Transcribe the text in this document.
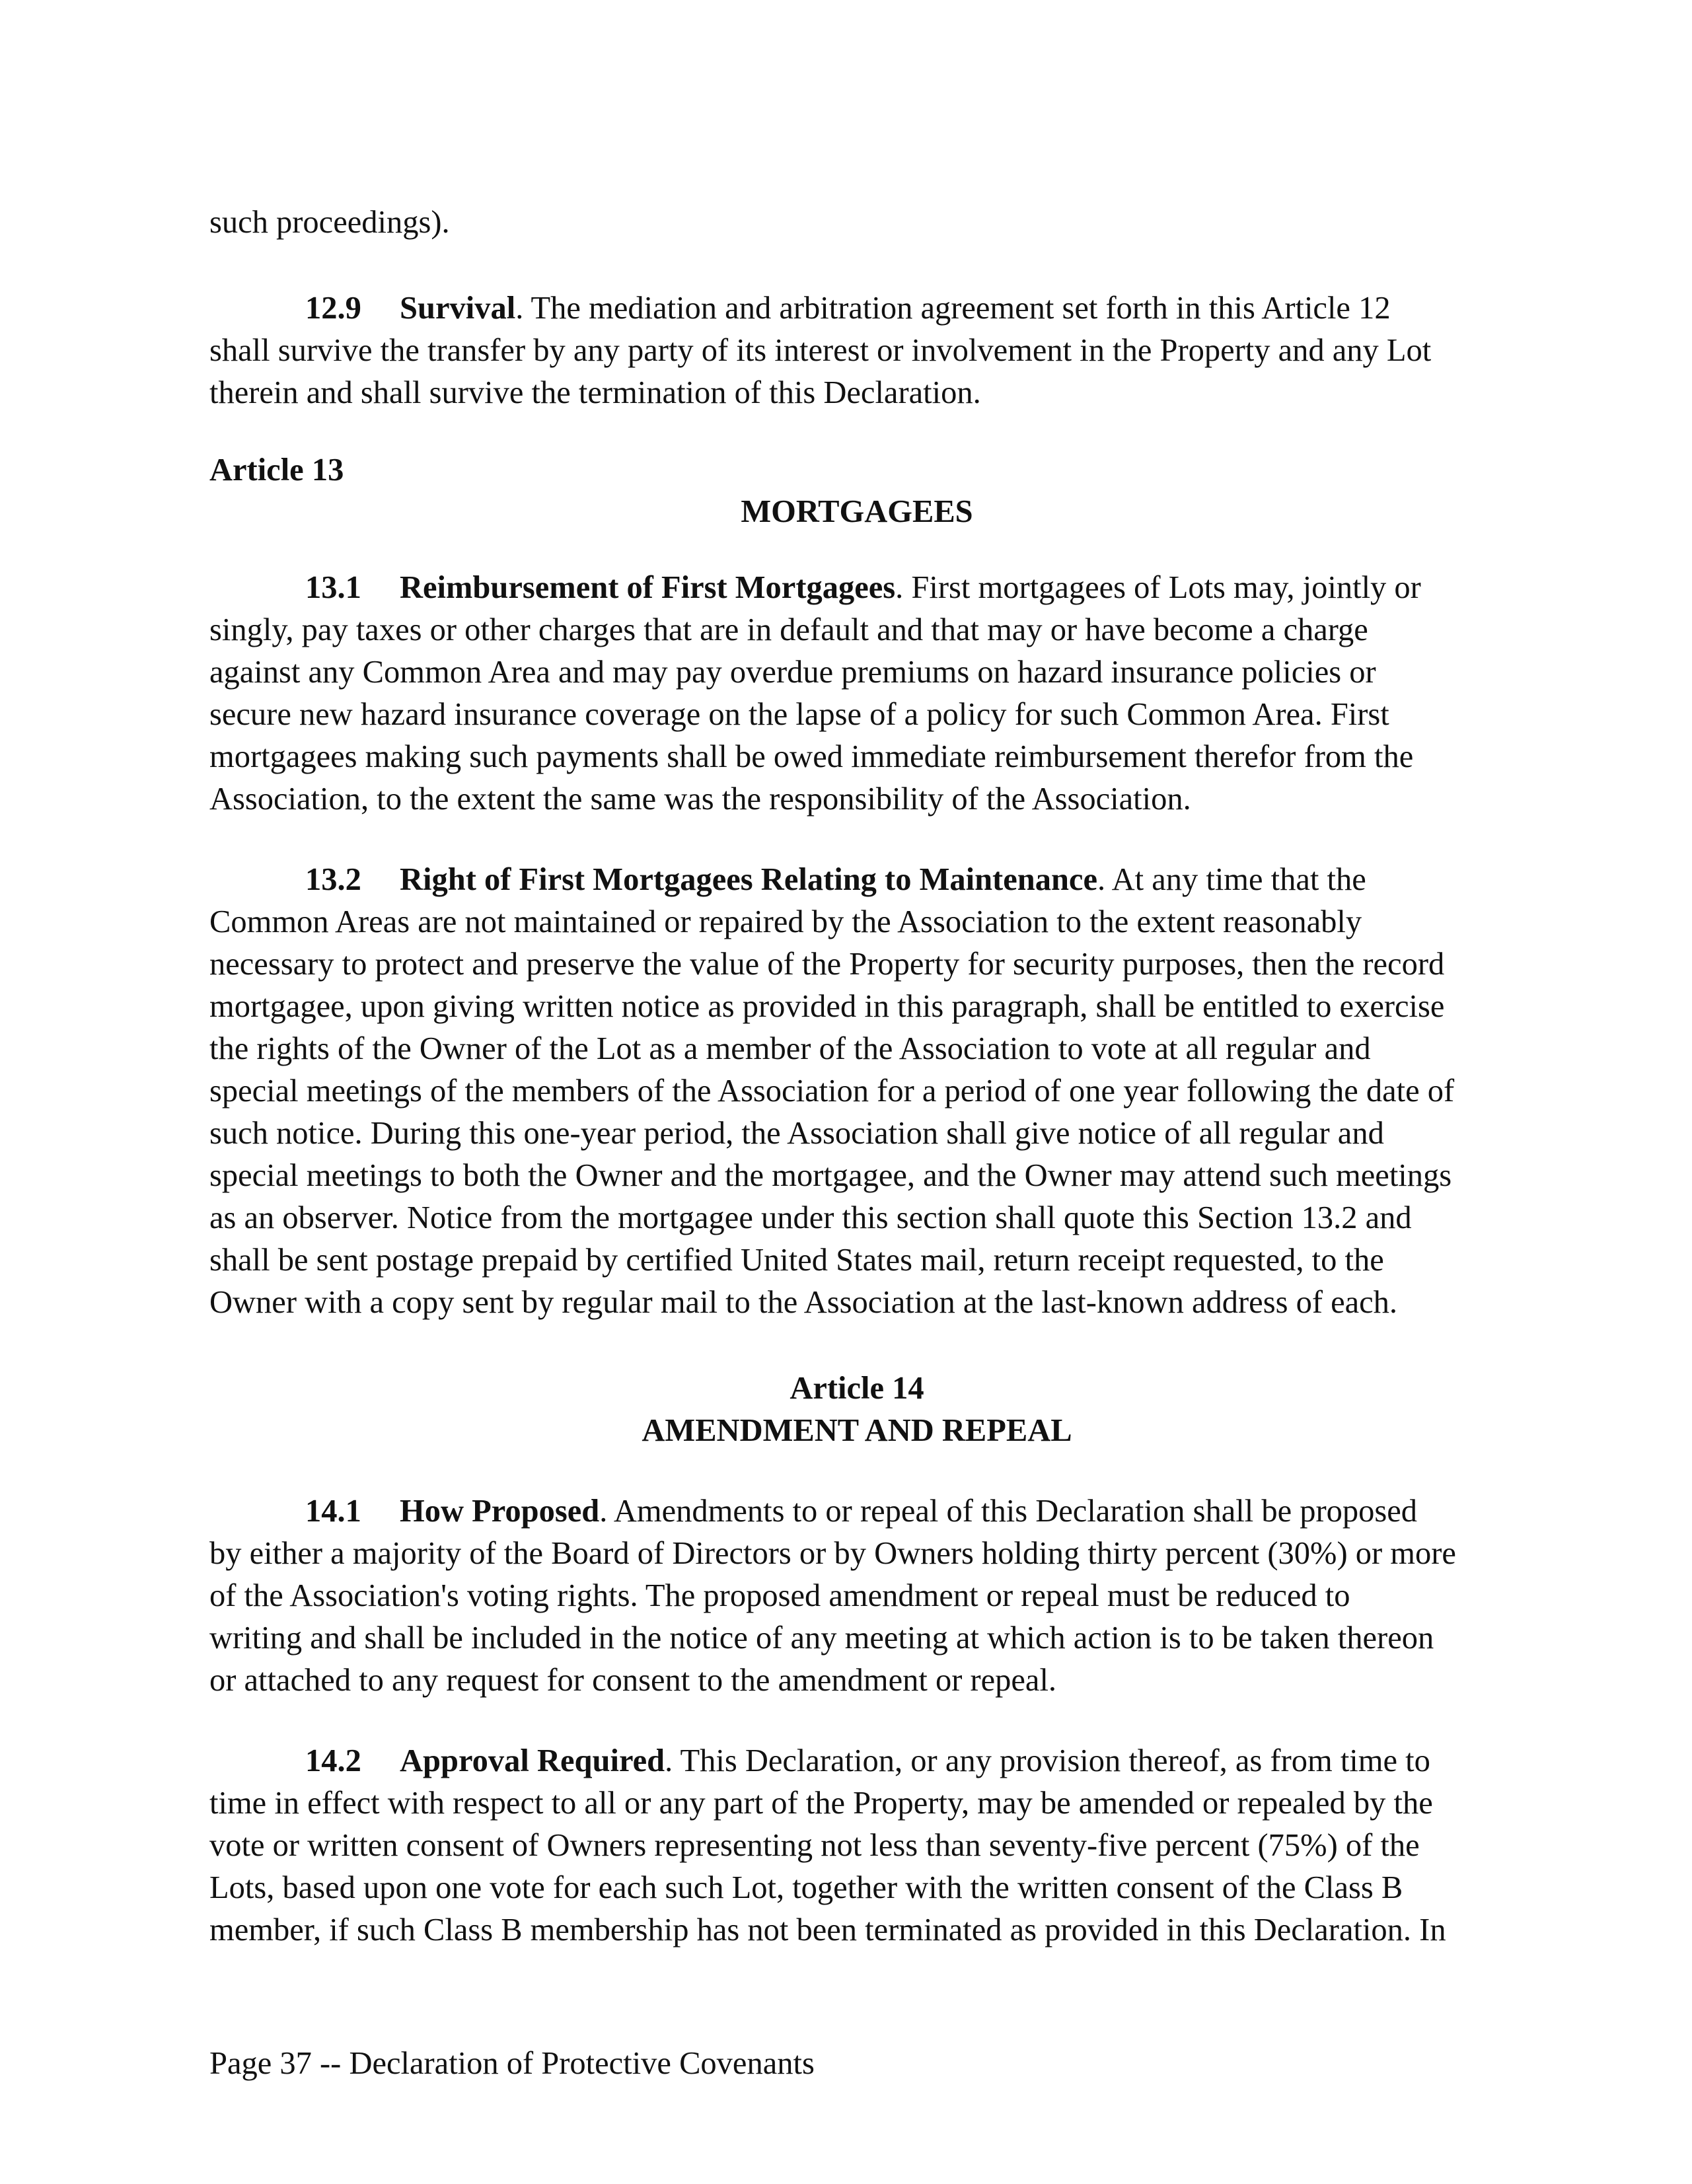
such proceedings).
12.9 Survival. The mediation and arbitration agreement set forth in this Article 12
shall survive the transfer by any party of its interest or involvement in the Property and any Lot
therein and shall survive the termination of this Declaration.
Article 13
MORTGAGEES
13.1 Reimbursement of First Mortgagees. First mortgagees of Lots may, jointly or
singly, pay taxes or other charges that are in default and that may or have become a charge
against any Common Area and may pay overdue premiums on hazard insurance policies or
secure new hazard insurance coverage on the lapse of a policy for such Common Area. First
mortgagees making such payments shall be owed immediate reimbursement therefor from the
Association, to the extent the same was the responsibility of the Association.
13.2 Right of First Mortgagees Relating to Maintenance. At any time that the
Common Areas are not maintained or repaired by the Association to the extent reasonably
necessary to protect and preserve the value of the Property for security purposes, then the record
mortgagee, upon giving written notice as provided in this paragraph, shall be entitled to exercise
the rights of the Owner of the Lot as a member of the Association to vote at all regular and
special meetings of the members of the Association for a period of one year following the date of
such notice. During this one-year period, the Association shall give notice of all regular and
special meetings to both the Owner and the mortgagee, and the Owner may attend such meetings
as an observer. Notice from the mortgagee under this section shall quote this Section 13.2 and
shall be sent postage prepaid by certified United States mail, return receipt requested, to the
Owner with a copy sent by regular mail to the Association at the last-known address of each.
Article 14
AMENDMENT AND REPEAL
14.1 How Proposed. Amendments to or repeal of this Declaration shall be proposed
by either a majority of the Board of Directors or by Owners holding thirty percent (30%) or more
of the Association's voting rights. The proposed amendment or repeal must be reduced to
writing and shall be included in the notice of any meeting at which action is to be taken thereon
or attached to any request for consent to the amendment or repeal.
14.2 Approval Required. This Declaration, or any provision thereof, as from time to
time in effect with respect to all or any part of the Property, may be amended or repealed by the
vote or written consent of Owners representing not less than seventy-five percent (75%) of the
Lots, based upon one vote for each such Lot, together with the written consent of the Class B
member, if such Class B membership has not been terminated as provided in this Declaration. In
Page 37 -- Declaration of Protective Covenants
